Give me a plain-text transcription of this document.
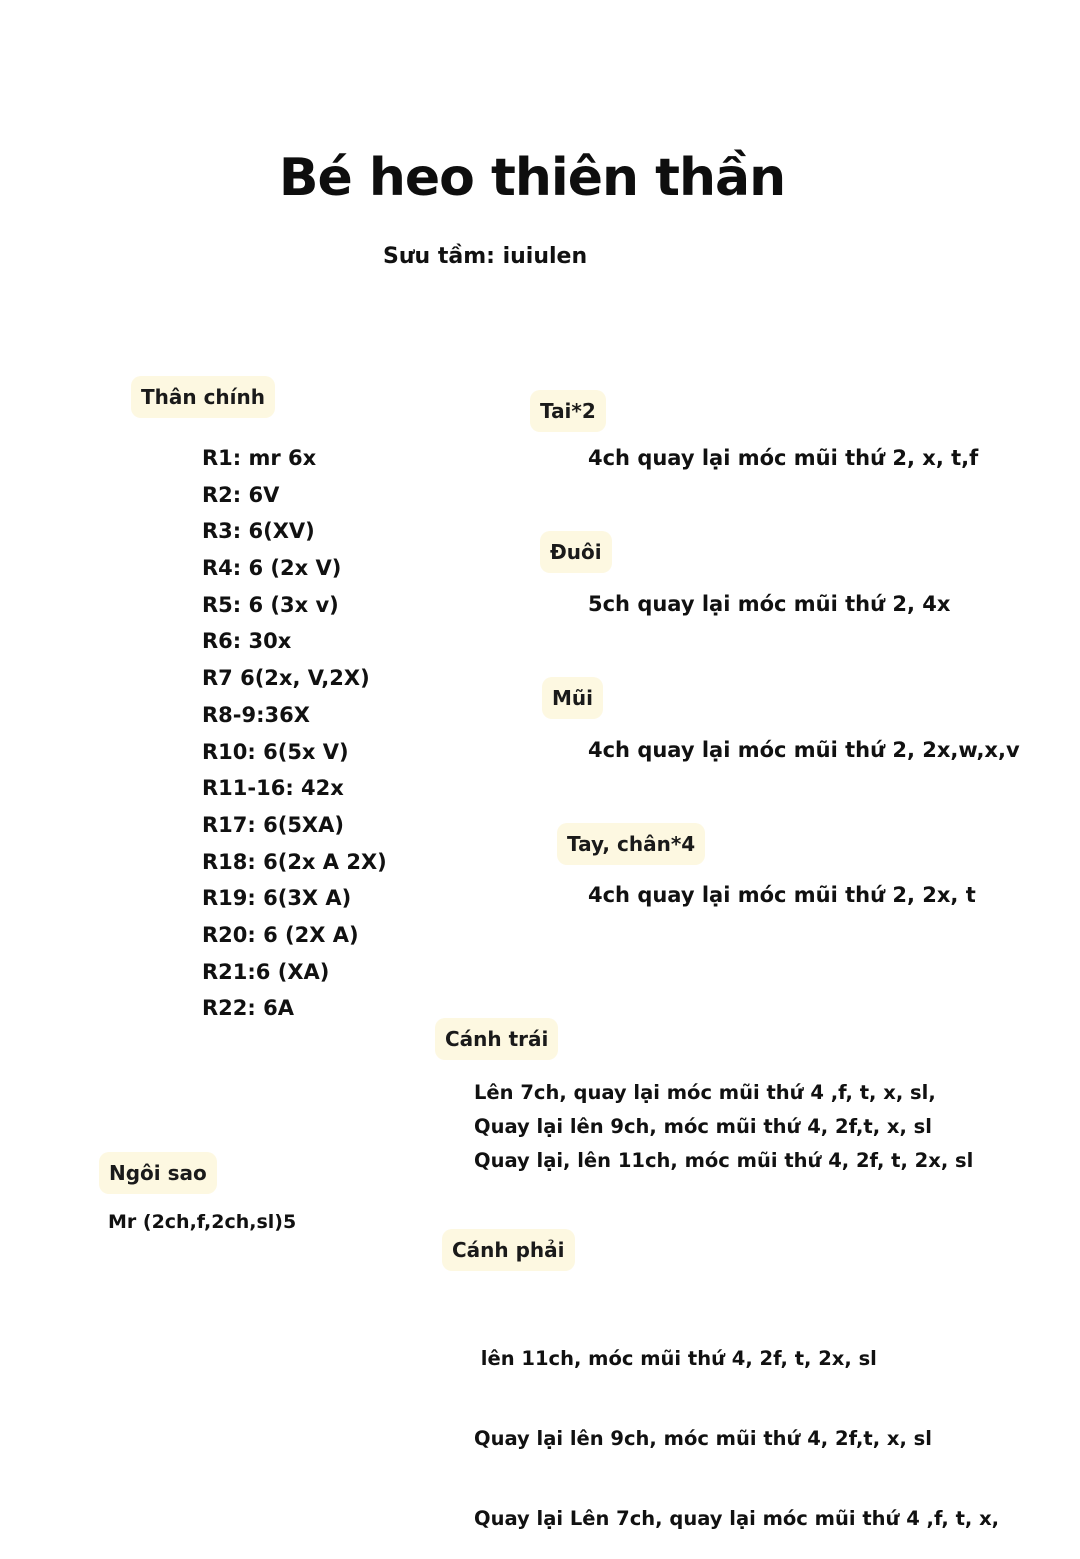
Bé heo thiên thần
Sưu tầm: iuiulen
Thân chính
R1: mr 6x
R2: 6V
R3: 6(XV)
R4: 6 (2x V)
R5: 6 (3x v)
R6: 30x
R7 6(2x, V,2X)
R8-9:36X
R10: 6(5x V)
R11-16: 42x
R17: 6(5XA)
R18: 6(2x A 2X)
R19: 6(3X A)
R20: 6 (2X A)
R21:6 (XA)
R22: 6A
Tai*2
4ch quay lại móc mũi thứ 2, x, t,f
Đuôi
5ch quay lại móc mũi thứ 2, 4x
Mũi
4ch quay lại móc mũi thứ 2, 2x,w,x,v
Tay, chân*4
4ch quay lại móc mũi thứ 2, 2x, t
Cánh trái
Lên 7ch, quay lại móc mũi thứ 4 ,f, t, x, sl,
Quay lại lên 9ch, móc mũi thứ 4, 2f,t, x, sl
Quay lại, lên 11ch, móc mũi thứ 4, 2f, t, 2x, sl
Ngôi sao
Mr (2ch,f,2ch,sl)5
Cánh phải

lên 11ch, móc mũi thứ 4, 2f, t, 2x, sl

Quay lại lên 9ch, móc mũi thứ 4, 2f,t, x, sl

Quay lại Lên 7ch, quay lại móc mũi thứ 4 ,f, t, x,
